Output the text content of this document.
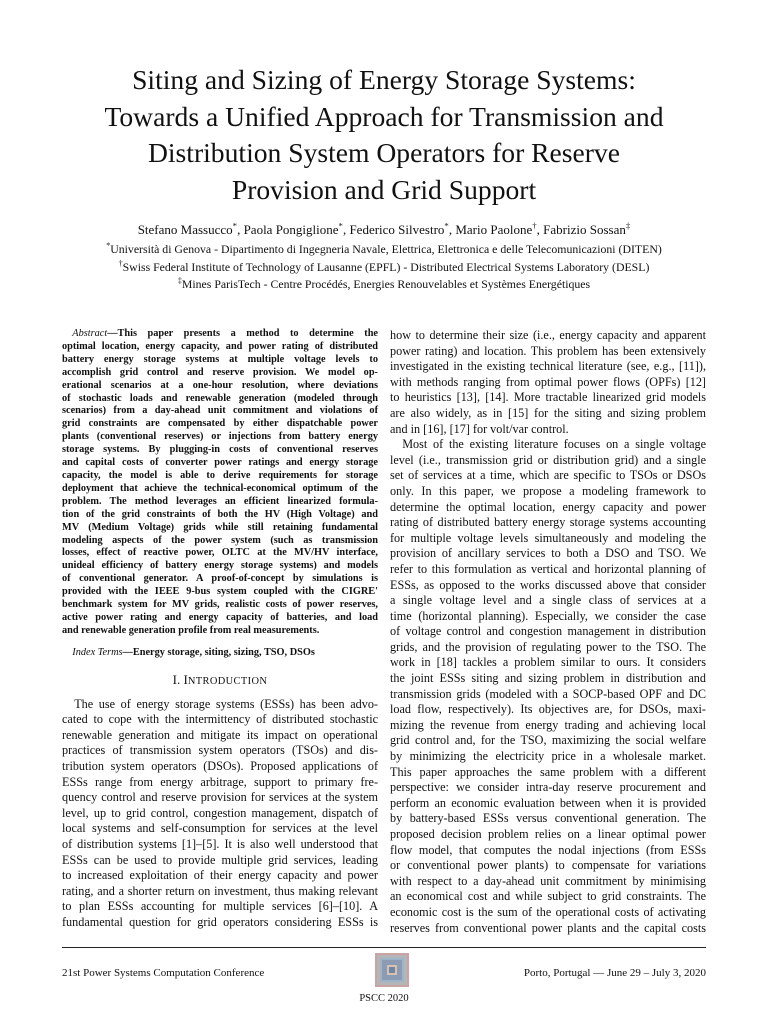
Siting and Sizing of Energy Storage Systems:
Towards a Unified Approach for Transmission and
Distribution System Operators for Reserve
Provision and Grid Support
Stefano Massucco*, Paola Pongiglione*, Federico Silvestro*, Mario Paolone†, Fabrizio Sossan‡
*Università di Genova - Dipartimento di Ingegneria Navale, Elettrica, Elettronica e delle Telecomunicazioni (DITEN)
†Swiss Federal Institute of Technology of Lausanne (EPFL) - Distributed Electrical Systems Laboratory (DESL)
‡Mines ParisTech - Centre Procédés, Energies Renouvelables et Systèmes Energétiques
 Abstract—This paper presents a method to determine the
optimal location, energy capacity, and power rating of distributed
battery energy storage systems at multiple voltage levels to
accomplish grid control and reserve provision. We model op-
erational scenarios at a one-hour resolution, where deviations
of stochastic loads and renewable generation (modeled through
scenarios) from a day-ahead unit commitment and violations of
grid constraints are compensated by either dispatchable power
plants (conventional reserves) or injections from battery energy
storage systems. By plugging-in costs of conventional reserves
and capital costs of converter power ratings and energy storage
capacity, the model is able to derive requirements for storage
deployment that achieve the technical-economical optimum of the
problem. The method leverages an efficient linearized formula-
tion of the grid constraints of both the HV (High Voltage) and
MV (Medium Voltage) grids while still retaining fundamental
modeling aspects of the power system (such as transmission
losses, effect of reactive power, OLTC at the MV/HV interface,
unideal efficiency of battery energy storage systems) and models
of conventional generator. A proof-of-concept by simulations is
provided with the IEEE 9-bus system coupled with the CIGRE'
benchmark system for MV grids, realistic costs of power reserves,
active power rating and energy capacity of batteries, and load
and renewable generation profile from real measurements.
 Index Terms—Energy storage, siting, sizing, TSO, DSOs
I. INTRODUCTION
 The use of energy storage systems (ESSs) has been advo-
cated to cope with the intermittency of distributed stochastic
renewable generation and mitigate its impact on operational
practices of transmission system operators (TSOs) and dis-
tribution system operators (DSOs). Proposed applications of
ESSs range from energy arbitrage, support to primary fre-
quency control and reserve provision for services at the system
level, up to grid control, congestion management, dispatch of
local systems and self-consumption for services at the level
of distribution systems [1]–[5]. It is also well understood that
ESSs can be used to provide multiple grid services, leading
to increased exploitation of their energy capacity and power
rating, and a shorter return on investment, thus making relevant
to plan ESSs accounting for multiple services [6]–[10]. A
fundamental question for grid operators considering ESSs is
how to determine their size (i.e., energy capacity and apparent
power rating) and location. This problem has been extensively
investigated in the existing technical literature (see, e.g., [11]),
with methods ranging from optimal power flows (OPFs) [12]
to heuristics [13], [14]. More tractable linearized grid models
are also widely, as in [15] for the siting and sizing problem
and in [16], [17] for volt/var control.
 Most of the existing literature focuses on a single voltage
level (i.e., transmission grid or distribution grid) and a single
set of services at a time, which are specific to TSOs or DSOs
only. In this paper, we propose a modeling framework to
determine the optimal location, energy capacity and power
rating of distributed battery energy storage systems accounting
for multiple voltage levels simultaneously and modeling the
provision of ancillary services to both a DSO and TSO. We
refer to this formulation as vertical and horizontal planning of
ESSs, as opposed to the works discussed above that consider
a single voltage level and a single class of services at a
time (horizontal planning). Especially, we consider the case
of voltage control and congestion management in distribution
grids, and the provision of regulating power to the TSO. The
work in [18] tackles a problem similar to ours. It considers
the joint ESSs siting and sizing problem in distribution and
transmission grids (modeled with a SOCP-based OPF and DC
load flow, respectively). Its objectives are, for DSOs, maxi-
mizing the revenue from energy trading and achieving local
grid control and, for the TSO, maximizing the social welfare
by minimizing the electricity price in a wholesale market.
This paper approaches the same problem with a different
perspective: we consider intra-day reserve procurement and
perform an economic evaluation between when it is provided
by battery-based ESSs versus conventional generation. The
proposed decision problem relies on a linear optimal power
flow model, that computes the nodal injections (from ESSs
or conventional power plants) to compensate for variations
with respect to a day-ahead unit commitment by minimising
an economical cost and while subject to grid constraints. The
economic cost is the sum of the operational costs of activating
reserves from conventional power plants and the capital costs
21st Power Systems Computation Conference	Porto, Portugal — June 29 – July 3, 2020
PSCC 2020
